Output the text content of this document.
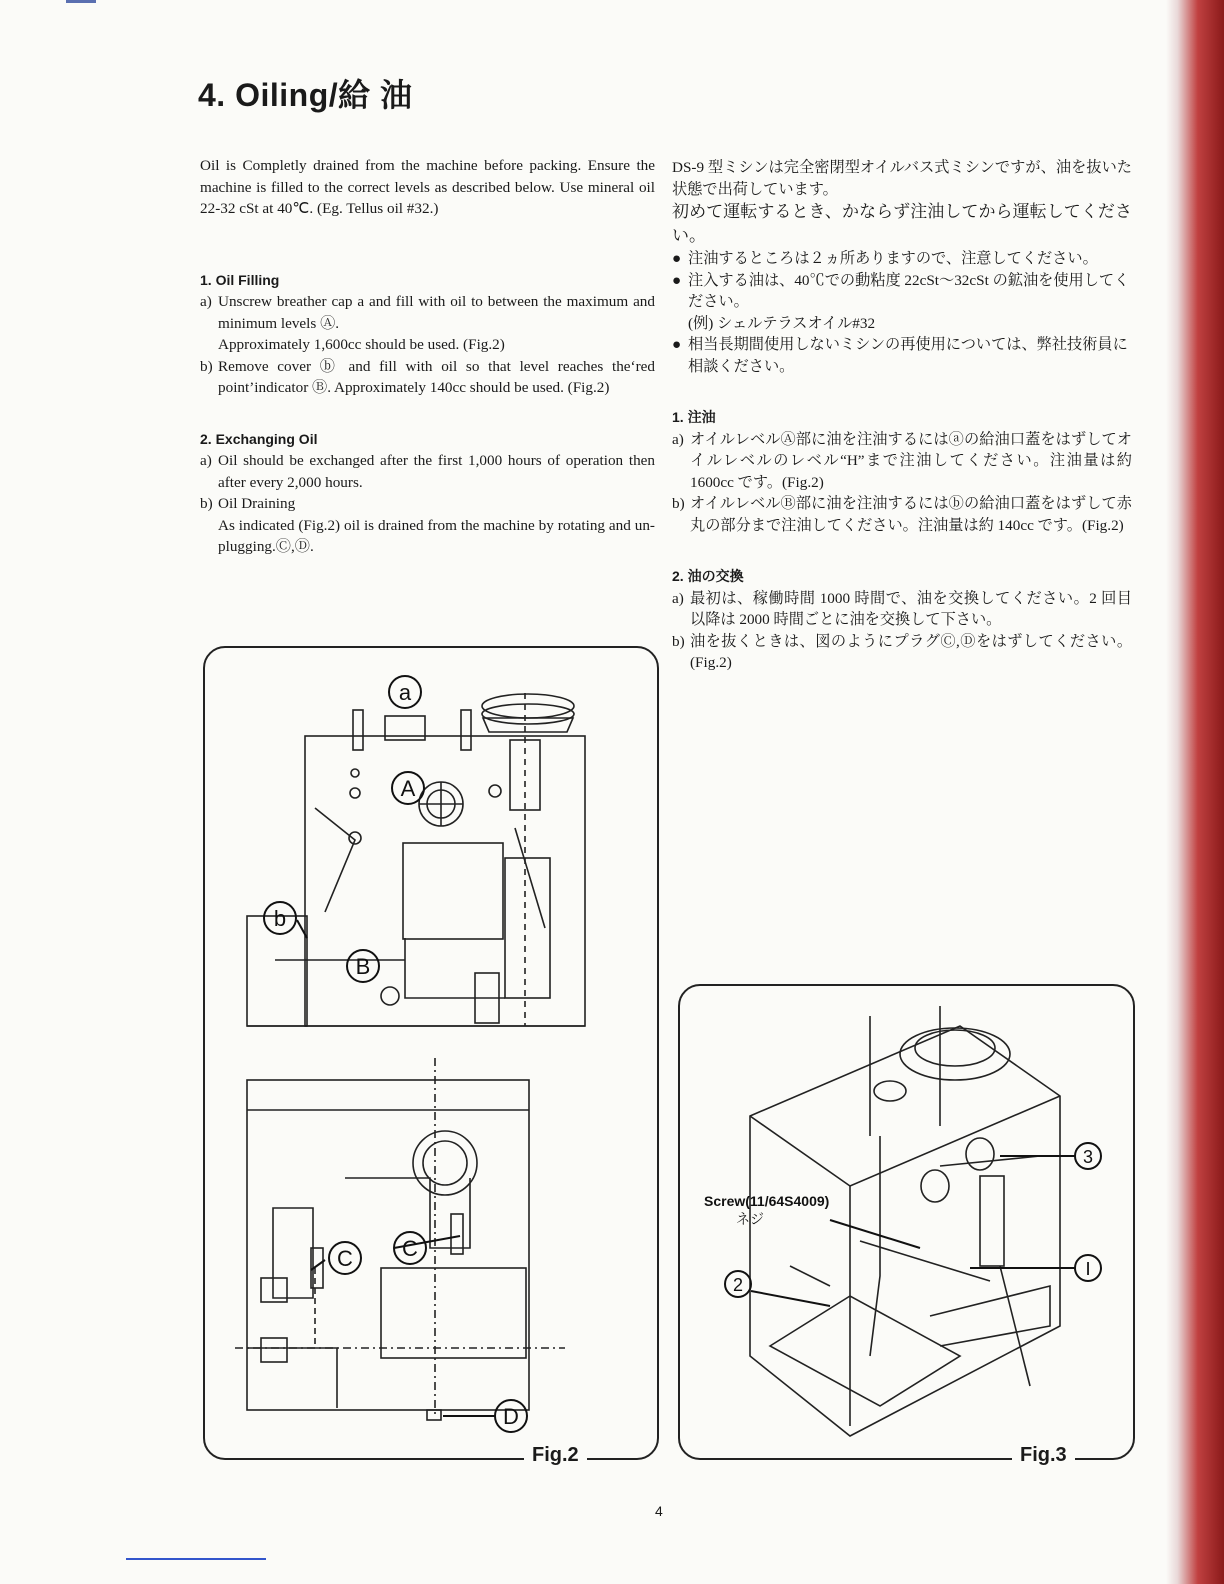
4. Oiling/給 油

Oil is Completly drained from the machine before packing. Ensure the machine is filled to the correct levels as described below. Use mineral oil 22-32 cSt at 40℃. (Eg. Tellus oil #32.)

1. Oil Filling
a) Unscrew breather cap a and fill with oil to between the maximum and minimum levels Ⓐ.
Approximately 1,600cc should be used. (Fig.2)
b) Remove cover ⓑ and fill with oil so that level reaches the‘red point’indicator Ⓑ. Approximately 140cc should be used. (Fig.2)
2. Exchanging Oil
a) Oil should be exchanged after the first 1,000 hours of operation then after every 2,000 hours.
b) Oil Draining
As indicated (Fig.2) oil is drained from the machine by rotating and un-plugging.Ⓒ,Ⓓ.

DS-9 型ミシンは完全密閉型オイルバス式ミシンですが、油を抜いた状態で出荷しています。

初めて運転するとき、かならず注油してから運転してください。

● 注油するところは２ヵ所ありますので、注意してください。
● 注入する油は、40℃での動粘度 22cSt～32cSt の鉱油を使用してください。
(例) シェルテラスオイル#32
● 相当長期間使用しないミシンの再使用については、弊社技術員に相談ください。
1. 注油
a) オイルレベルⒶ部に油を注油するにはⓐの給油口蓋をはずしてオイルレベルのレベル“H”まで注油してください。注油量は約 1600cc です。(Fig.2)
b) オイルレベルⒷ部に油を注油するにはⓑの給油口蓋をはずして赤丸の部分まで注油してください。注油量は約 140cc です。(Fig.2)
2. 油の交換
a) 最初は、稼働時間 1000 時間で、油を交換してください。2 回目以降は 2000 時間ごとに油を交換して下さい。
b) 油を抜くときは、図のようにプラグⒸ,Ⓓをはずしてください。(Fig.2)
a
A
b
B
C C
D
Fig.2
3
Ⅰ
2
Screw(11/64S4009)
ネジ
Fig.3
4
